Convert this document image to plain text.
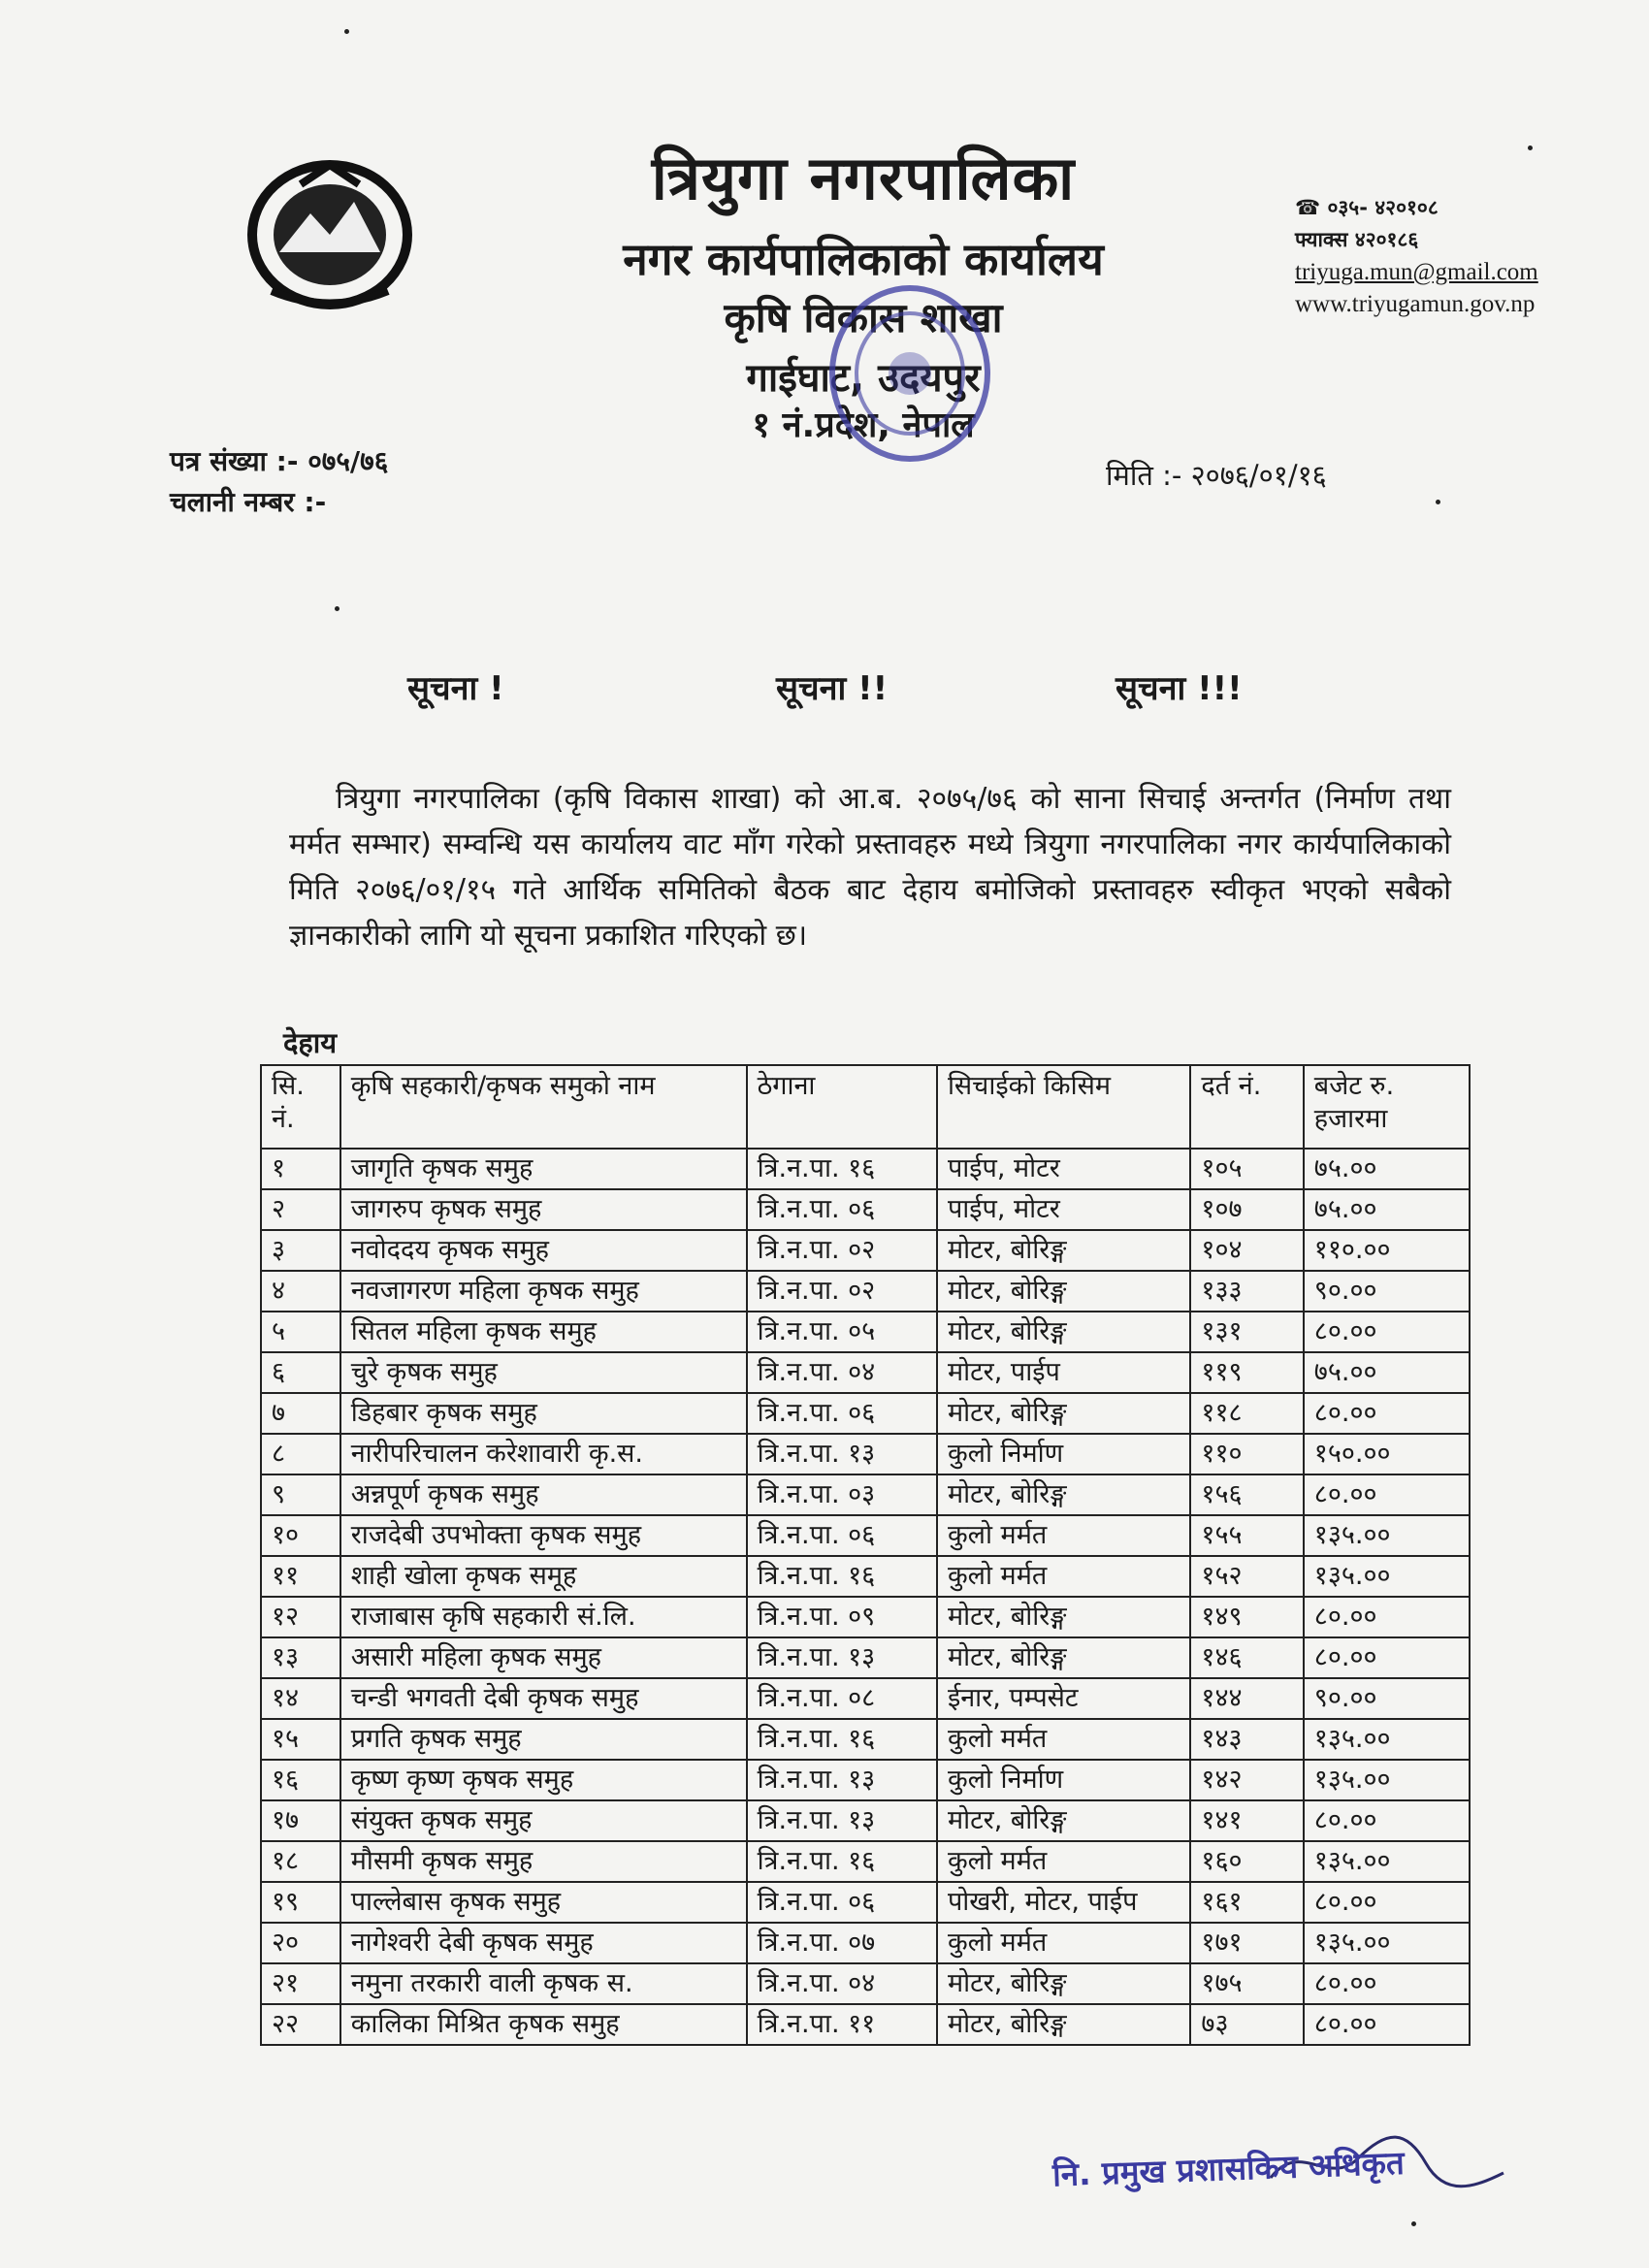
त्रियुगा नगरपालिका
नगर कार्यपालिकाको कार्यालय
कृषि विकास शाखा
गाईघाट, उदयपुर
१ नं.प्रदेश, नेपाल
☎ ०३५- ४२०१०८
फ्याक्स ४२०१८६
triyuga.mun@gmail.com
www.triyugamun.gov.np
पत्र संख्या :- ०७५/७६
चलानी नम्बर :-
मिति :- २०७६/०१/१६
सूचना !	सूचना !!	सूचना !!!

त्रियुगा नगरपालिका (कृषि विकास शाखा) को आ.ब. २०७५/७६ को साना सिचाई अन्तर्गत (निर्माण तथा मर्मत सम्भार) सम्वन्धि यस कार्यालय वाट माँग गरेको प्रस्तावहरु मध्ये त्रियुगा नगरपालिका नगर कार्यपालिकाको मिति २०७६/०१/१५ गते आर्थिक समितिको बैठक बाट देहाय बमोजिको प्रस्तावहरु स्वीकृत भएको सबैको ज्ञानकारीको लागि यो सूचना प्रकाशित गरिएको छ।

देहाय
सि. नं.	कृषि सहकारी/कृषक समुको नाम	ठेगाना	सिचाईको किसिम	दर्त नं.	बजेट रु. हजारमा
१	जागृति कृषक समुह	त्रि.न.पा. १६	पाईप, मोटर	१०५	७५.००
२	जागरुप कृषक समुह	त्रि.न.पा. ०६	पाईप, मोटर	१०७	७५.००
३	नवोददय कृषक समुह	त्रि.न.पा. ०२	मोटर, बोरिङ्ग	१०४	११०.००
४	नवजागरण महिला कृषक समुह	त्रि.न.पा. ०२	मोटर, बोरिङ्ग	१३३	९०.००
५	सितल महिला कृषक समुह	त्रि.न.पा. ०५	मोटर, बोरिङ्ग	१३१	८०.००
६	चुरे कृषक समुह	त्रि.न.पा. ०४	मोटर, पाईप	११९	७५.००
७	डिहबार कृषक समुह	त्रि.न.पा. ०६	मोटर, बोरिङ्ग	११८	८०.००
८	नारीपरिचालन करेशावारी कृ.स.	त्रि.न.पा. १३	कुलो निर्माण	११०	१५०.००
९	अन्नपूर्ण कृषक समुह	त्रि.न.पा. ०३	मोटर, बोरिङ्ग	१५६	८०.००
१०	राजदेबी उपभोक्ता कृषक समुह	त्रि.न.पा. ०६	कुलो मर्मत	१५५	१३५.००
११	शाही खोला कृषक समूह	त्रि.न.पा. १६	कुलो मर्मत	१५२	१३५.००
१२	राजाबास कृषि सहकारी सं.लि.	त्रि.न.पा. ०९	मोटर, बोरिङ्ग	१४९	८०.००
१३	असारी महिला कृषक समुह	त्रि.न.पा. १३	मोटर, बोरिङ्ग	१४६	८०.००
१४	चन्डी भगवती देबी कृषक समुह	त्रि.न.पा. ०८	ईनार, पम्पसेट	१४४	९०.००
१५	प्रगति कृषक समुह	त्रि.न.पा. १६	कुलो मर्मत	१४३	१३५.००
१६	कृष्ण कृष्ण कृषक समुह	त्रि.न.पा. १३	कुलो निर्माण	१४२	१३५.००
१७	संयुक्त कृषक समुह	त्रि.न.पा. १३	मोटर, बोरिङ्ग	१४१	८०.००
१८	मौसमी कृषक समुह	त्रि.न.पा. १६	कुलो मर्मत	१६०	१३५.००
१९	पाल्लेबास कृषक समुह	त्रि.न.पा. ०६	पोखरी, मोटर, पाईप	१६१	८०.००
२०	नागेश्वरी देबी कृषक समुह	त्रि.न.पा. ०७	कुलो मर्मत	१७१	१३५.००
२१	नमुना तरकारी वाली कृषक स.	त्रि.न.पा. ०४	मोटर, बोरिङ्ग	१७५	८०.००
२२	कालिका मिश्रित कृषक समुह	त्रि.न.पा. ११	मोटर, बोरिङ्ग	७३	८०.००
नि. प्रमुख प्रशासकिय अधिकृत
